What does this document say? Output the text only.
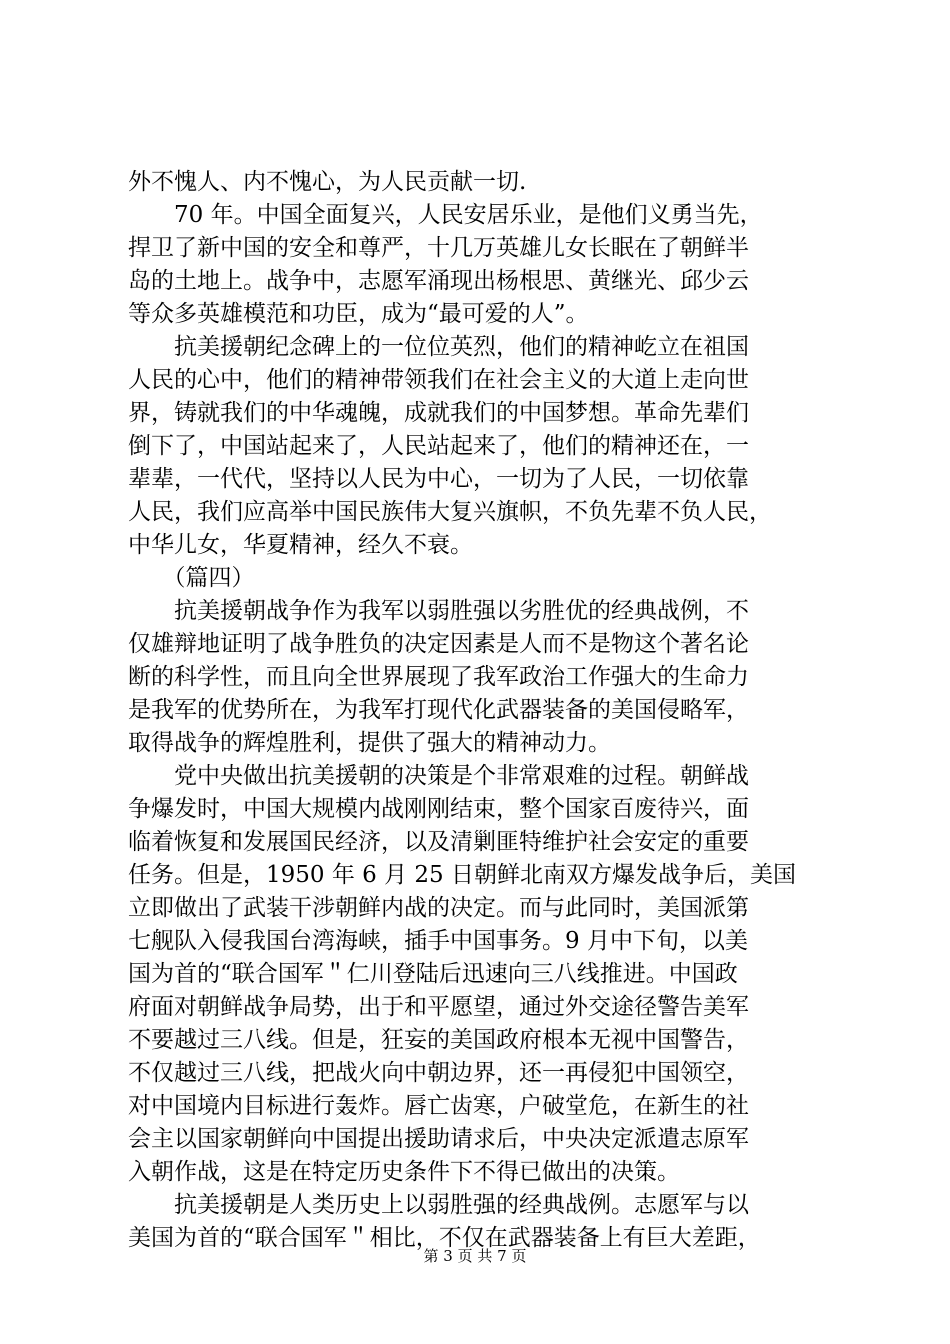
外不愧人、内不愧心，为人民贡献一切.
　　70 年。中国全面复兴，人民安居乐业，是他们义勇当先，
捍卫了新中国的安全和尊严，十几万英雄儿女长眠在了朝鲜半
岛的土地上。战争中，志愿军涌现出杨根思、黄继光、邱少云
等众多英雄模范和功臣，成为“最可爱的人”。
　　抗美援朝纪念碑上的一位位英烈，他们的精神屹立在祖国
人民的心中，他们的精神带领我们在社会主义的大道上走向世
界，铸就我们的中华魂魄，成就我们的中国梦想。革命先辈们
倒下了，中国站起来了，人民站起来了，他们的精神还在，一
辈辈，一代代，坚持以人民为中心，一切为了人民，一切依靠
人民，我们应高举中国民族伟大复兴旗帜，不负先辈不负人民，
中华儿女，华夏精神，经久不衰。
　　（篇四）
　　抗美援朝战争作为我军以弱胜强以劣胜优的经典战例，不
仅雄辩地证明了战争胜负的决定因素是人而不是物这个著名论
断的科学性，而且向全世界展现了我军政治工作强大的生命力
是我军的优势所在，为我军打现代化武器装备的美国侵略军，
取得战争的辉煌胜利，提供了强大的精神动力。
　　党中央做出抗美援朝的决策是个非常艰难的过程。朝鲜战
争爆发时，中国大规模内战刚刚结束，整个国家百废待兴，面
临着恢复和发展国民经济，以及清剿匪特维护社会安定的重要
任务。但是，1950 年 6 月 25 日朝鲜北南双方爆发战争后，美国
立即做出了武装干涉朝鲜内战的决定。而与此同时，美国派第
七舰队入侵我国台湾海峡，插手中国事务。9 月中下旬，以美
国为首的“联合国军＂仁川登陆后迅速向三八线推进。中国政
府面对朝鲜战争局势，出于和平愿望，通过外交途径警告美军
不要越过三八线。但是，狂妄的美国政府根本无视中国警告，
不仅越过三八线，把战火向中朝边界，还一再侵犯中国领空，
对中国境内目标进行轰炸。唇亡齿寒，户破堂危，在新生的社
会主以国家朝鲜向中国提出援助请求后，中央决定派遣志原军
入朝作战，这是在特定历史条件下不得已做出的决策。
　　抗美援朝是人类历史上以弱胜强的经典战例。志愿军与以
美国为首的“联合国军＂相比，不仅在武器装备上有巨大差距，
第 3 页 共 7 页
